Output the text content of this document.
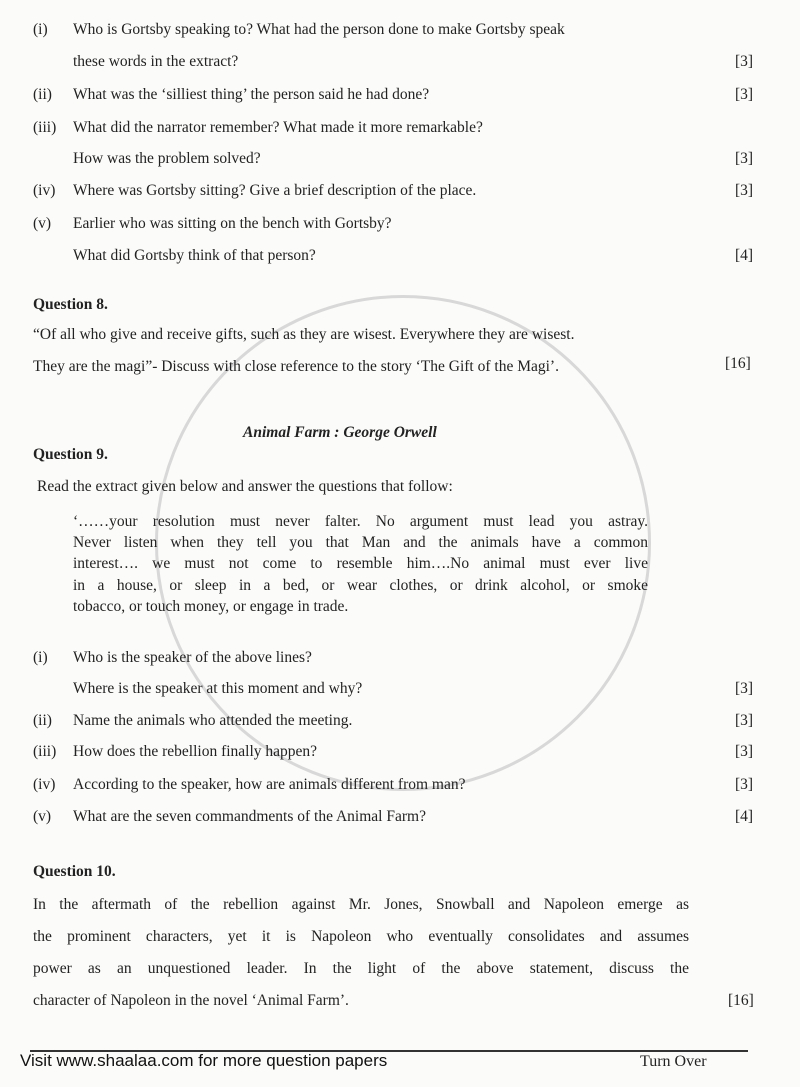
(i) Who is Gortsby speaking to? What had the person done to make Gortsby speak
these words in the extract?	[3]
(ii) What was the ‘silliest thing’ the person said he had done?	[3]
(iii) What did the narrator remember? What made it more remarkable?
How was the problem solved?	[3]
(iv) Where was Gortsby sitting? Give a brief description of the place.	[3]
(v) Earlier who was sitting on the bench with Gortsby?
What did Gortsby think of that person?	[4]
Question 8.
“Of all who give and receive gifts, such as they are wisest. Everywhere they are wisest.
They are the magi”- Discuss with close reference to the story ‘The Gift of the Magi’.	[16]
Animal Farm : George Orwell
Question 9.
Read the extract given below and answer the questions that follow:
‘……your resolution must never falter. No argument must lead you astray.
Never listen when they tell you that Man and the animals have a common
interest…. we must not come to resemble him….No animal must ever live
in a house, or sleep in a bed, or wear clothes, or drink alcohol, or smoke
tobacco, or touch money, or engage in trade.
(i) Who is the speaker of the above lines?
Where is the speaker at this moment and why?	[3]
(ii) Name the animals who attended the meeting.	[3]
(iii) How does the rebellion finally happen?	[3]
(iv) According to the speaker, how are animals different from man?	[3]
(v) What are the seven commandments of the Animal Farm?	[4]
Question 10.
In the aftermath of the rebellion against Mr. Jones, Snowball and Napoleon emerge as
the prominent characters, yet it is Napoleon who eventually consolidates and assumes
power as an unquestioned leader. In the light of the above statement, discuss the
character of Napoleon in the novel ‘Animal Farm’.	[16]
Visit www.shaalaa.com for more question papers	Turn Over
